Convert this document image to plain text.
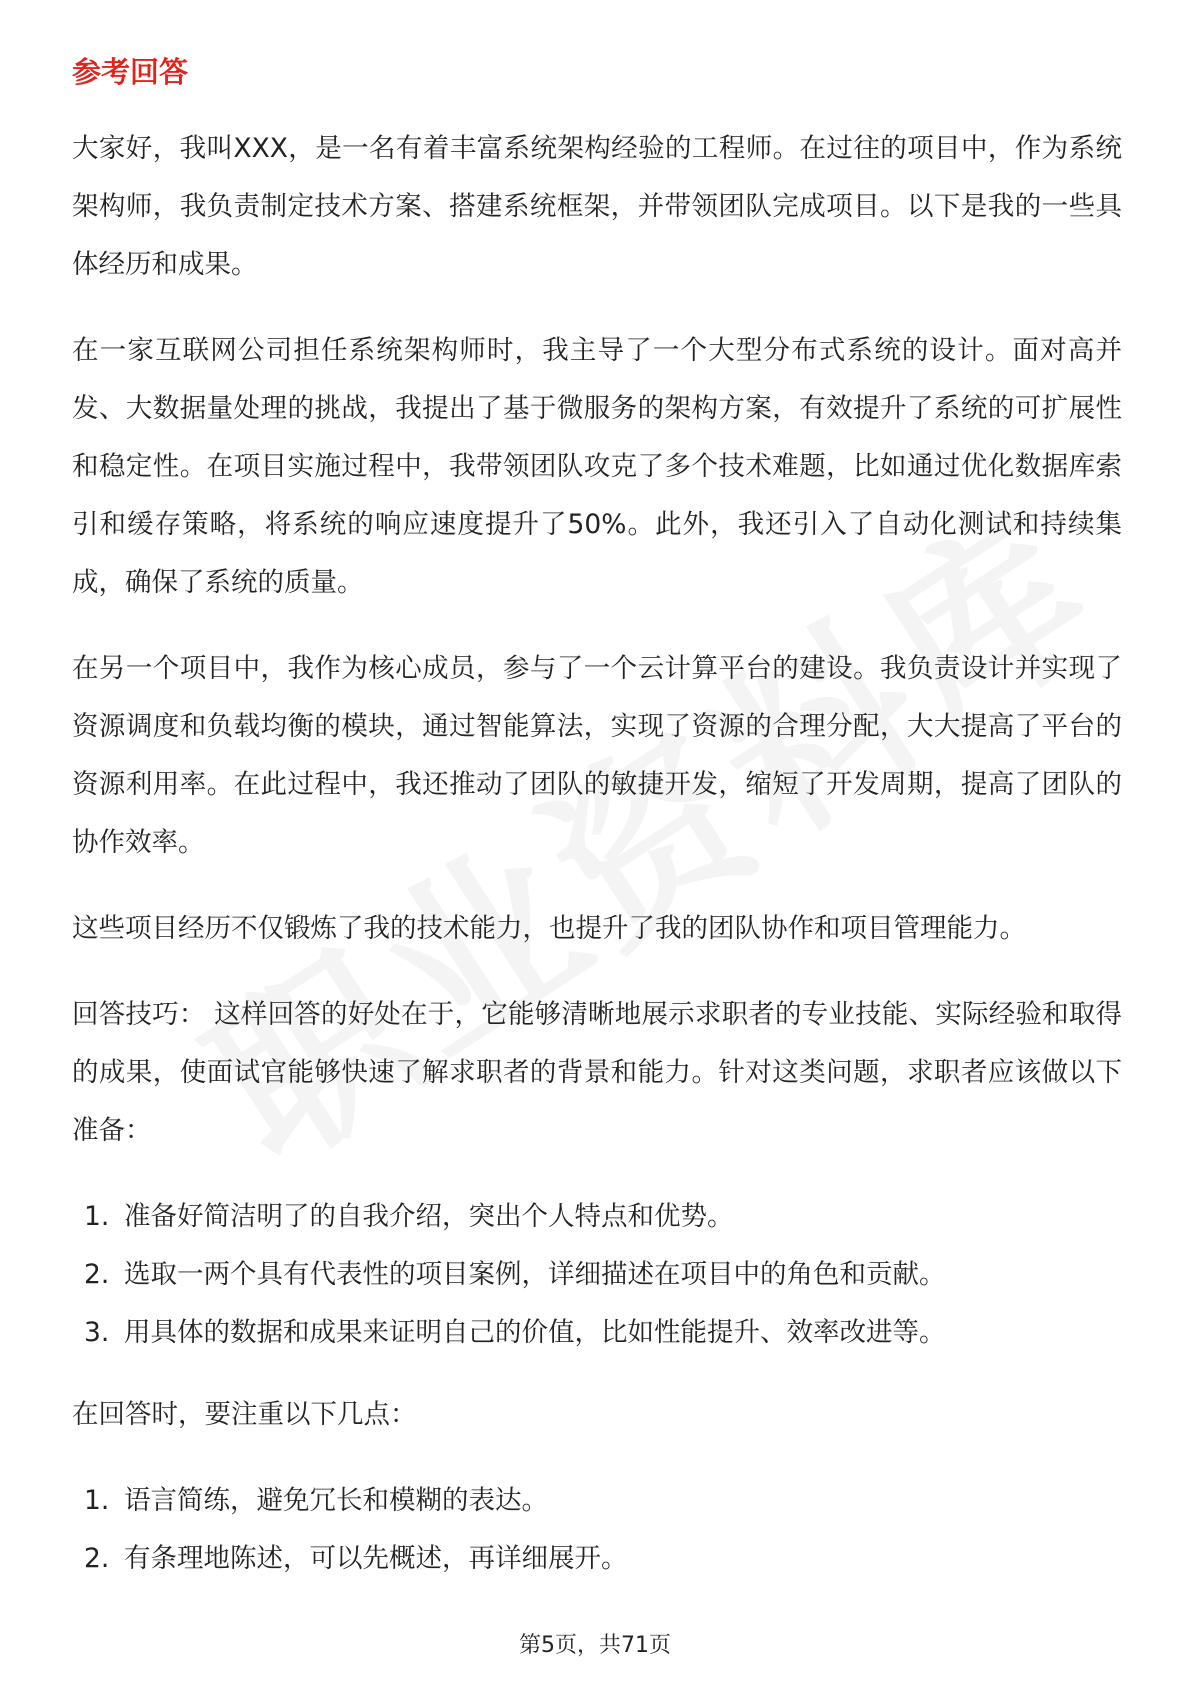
参考回答

大家好，我叫XXX，是一名有着丰富系统架构经验的工程师。在过往的项目中，作为系统架构师，我负责制定技术方案、搭建系统框架，并带领团队完成项目。以下是我的一些具体经历和成果。

在一家互联网公司担任系统架构师时，我主导了一个大型分布式系统的设计。面对高并发、大数据量处理的挑战，我提出了基于微服务的架构方案，有效提升了系统的可扩展性和稳定性。在项目实施过程中，我带领团队攻克了多个技术难题，比如通过优化数据库索引和缓存策略，将系统的响应速度提升了50%。此外，我还引入了自动化测试和持续集成，确保了系统的质量。

在另一个项目中，我作为核心成员，参与了一个云计算平台的建设。我负责设计并实现了资源调度和负载均衡的模块，通过智能算法，实现了资源的合理分配，大大提高了平台的资源利用率。在此过程中，我还推动了团队的敏捷开发，缩短了开发周期，提高了团队的协作效率。

这些项目经历不仅锻炼了我的技术能力，也提升了我的团队协作和项目管理能力。

回答技巧： 这样回答的好处在于，它能够清晰地展示求职者的专业技能、实际经验和取得的成果，使面试官能够快速了解求职者的背景和能力。针对这类问题，求职者应该做以下准备：

1. 准备好简洁明了的自我介绍，突出个人特点和优势。
2. 选取一两个具有代表性的项目案例，详细描述在项目中的角色和贡献。
3. 用具体的数据和成果来证明自己的价值，比如性能提升、效率改进等。

在回答时，要注重以下几点：

1. 语言简练，避免冗长和模糊的表达。
2. 有条理地陈述，可以先概述，再详细展开。
第5页，共71页
